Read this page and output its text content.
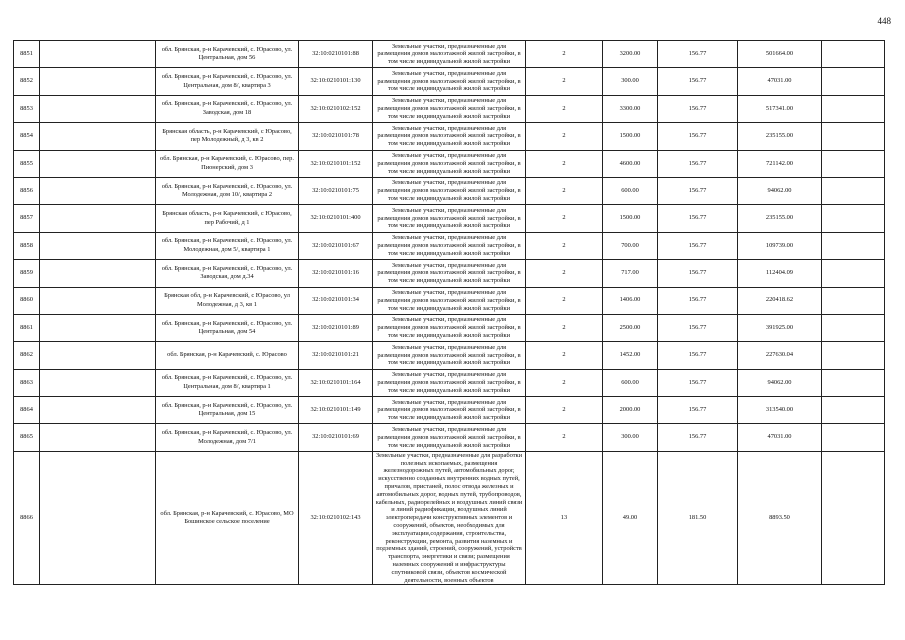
448
8851		обл. Брянская, р-н Карачевский, с. Юрасово, ул. Центральная, дом 56	32:10:0210101:88	Земельные участки, предназначенные для размещения домов малоэтажной жилой застройки, в том числе индивидуальной жилой застройки	2	3200.00	156.77	501664.00	
8852		обл. Брянская, р-н Карачевский, с. Юрасово, ул. Центральная, дом 8/, квартира 3	32:10:0210101:130	Земельные участки, предназначенные для размещения домов малоэтажной жилой застройки, в том числе индивидуальной жилой застройки	2	300.00	156.77	47031.00	
8853		обл. Брянская, р-н Карачевский, с. Юрасово, ул. Заводская, дом 18	32:10:0210102:152	Земельные участки, предназначенные для размещения домов малоэтажной жилой застройки, в том числе индивидуальной жилой застройки	2	3300.00	156.77	517341.00	
8854		Брянская область, р-н Карачевский, с Юрасово, пер Молодежный, д 3, кв 2	32:10:0210101:78	Земельные участки, предназначенные для размещения домов малоэтажной жилой застройки, в том числе индивидуальной жилой застройки	2	1500.00	156.77	235155.00	
8855		обл. Брянская, р-н Карачевский, с. Юрасово, пер. Пионерский, дом 3	32:10:0210101:152	Земельные участки, предназначенные для размещения домов малоэтажной жилой застройки, в том числе индивидуальной жилой застройки	2	4600.00	156.77	721142.00	
8856		обл. Брянская, р-н Карачевский, с. Юрасово, ул. Молодежная, дом 10/, квартира 2	32:10:0210101:75	Земельные участки, предназначенные для размещения домов малоэтажной жилой застройки, в том числе индивидуальной жилой застройки	2	600.00	156.77	94062.00	
8857		Брянская область, р-н Карачевский, с Юрасово, пер Рабочий, д 1	32:10:0210101:400	Земельные участки, предназначенные для размещения домов малоэтажной жилой застройки, в том числе индивидуальной жилой застройки	2	1500.00	156.77	235155.00	
8858		обл. Брянская, р-н Карачевский, с. Юрасово, ул. Молодежная, дом 5/, квартира 1	32:10:0210101:67	Земельные участки, предназначенные для размещения домов малоэтажной жилой застройки, в том числе индивидуальной жилой застройки	2	700.00	156.77	109739.00	
8859		обл. Брянская, р-н Карачевский, с. Юрасово, ул. Заводская, дом д.34	32:10:0210101:16	Земельные участки, предназначенные для размещения домов малоэтажной жилой застройки, в том числе индивидуальной жилой застройки	2	717.00	156.77	112404.09	
8860		Брянская обл, р-н Карачевский, с Юрасово, ул Молодежная, д 3, кв 1	32:10:0210101:34	Земельные участки, предназначенные для размещения домов малоэтажной жилой застройки, в том числе индивидуальной жилой застройки	2	1406.00	156.77	220418.62	
8861		обл. Брянская, р-н Карачевский, с. Юрасово, ул. Центральная, дом 54	32:10:0210101:89	Земельные участки, предназначенные для размещения домов малоэтажной жилой застройки, в том числе индивидуальной жилой застройки	2	2500.00	156.77	391925.00	
8862		обл. Брянская, р-н Карачевский, с. Юрасово	32:10:0210101:21	Земельные участки, предназначенные для размещения домов малоэтажной жилой застройки, в том числе индивидуальной жилой застройки	2	1452.00	156.77	227630.04	
8863		обл. Брянская, р-н Карачевский, с. Юрасово, ул. Центральная, дом 8/, квартира 1	32:10:0210101:164	Земельные участки, предназначенные для размещения домов малоэтажной жилой застройки, в том числе индивидуальной жилой застройки	2	600.00	156.77	94062.00	
8864		обл. Брянская, р-н Карачевский, с. Юрасово, ул. Центральная, дом 15	32:10:0210101:149	Земельные участки, предназначенные для размещения домов малоэтажной жилой застройки, в том числе индивидуальной жилой застройки	2	2000.00	156.77	313540.00	
8865		обл. Брянская, р-н Карачевский, с. Юрасово, ул. Молодежная, дом 7/1	32:10:0210101:69	Земельные участки, предназначенные для размещения домов малоэтажной жилой застройки, в том числе индивидуальной жилой застройки	2	300.00	156.77	47031.00	
8866		обл. Брянская, р-н Карачевский, с. Юрасово, МО Бошинское сельское поселение	32:10:0210102:143	Земельные участки, предназначенные для разработки полезных ископаемых, размещения железнодорожных путей, автомобильных дорог, искусственно созданных внутренних водных путей, причалов, пристаней, полос отвода железных и автомобильных дорог, водных путей, трубопроводов, кабельных, радиорелейных и воздушных линий связи и линий радиофикации, воздушных линий электропередачи конструктивных элементов и сооружений, объектов, необходимых для эксплуатации,содержания, строительства, реконструкции, ремонта, развития наземных и подземных зданий, строений, сооружений, устройств транспорта, энергетики и связи; размещения наземных сооружений и инфраструктуры спутниковой связи, объектов космической деятельности, военных объектов	13	49.00	181.50	8893.50	
